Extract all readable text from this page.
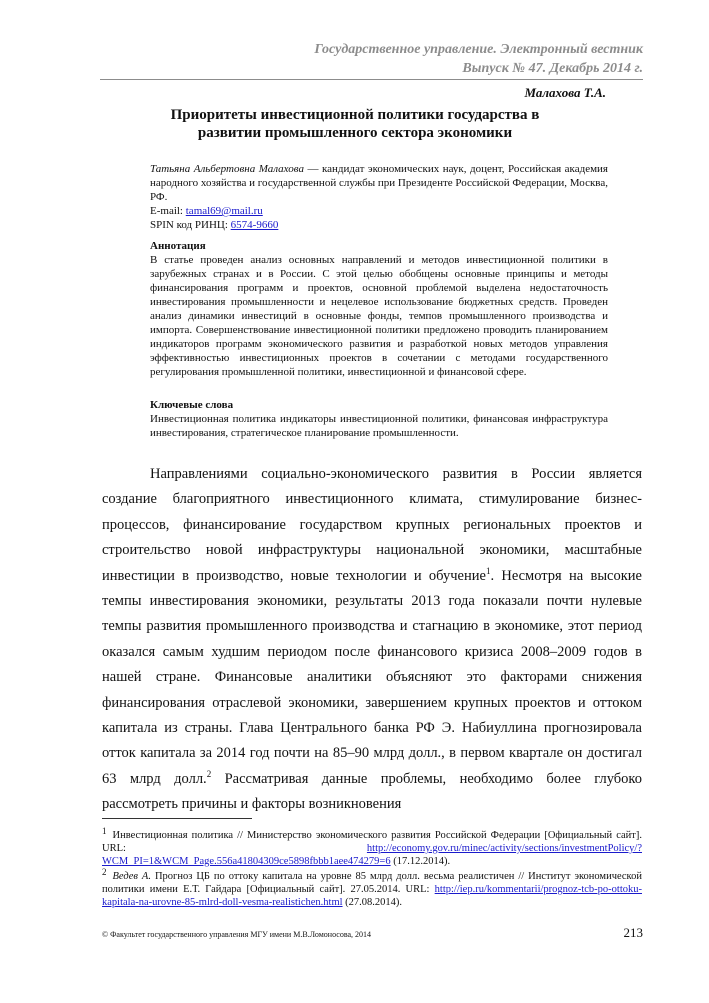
Государственное управление. Электронный вестник
Выпуск № 47. Декабрь 2014 г.
Малахова Т.А.
Приоритеты инвестиционной политики государства в развитии промышленного сектора экономики
Татьяна Альбертовна Малахова — кандидат экономических наук, доцент, Российская академия народного хозяйства и государственной службы при Президенте Российской Федерации, Москва, РФ.
E-mail: tamal69@mail.ru
SPIN код РИНЦ: 6574-9660
Аннотация
В статье проведен анализ основных направлений и методов инвестиционной политики в зарубежных странах и в России. С этой целью обобщены основные принципы и методы финансирования программ и проектов, основной проблемой выделена недостаточность инвестирования промышленности и нецелевое использование бюджетных средств. Проведен анализ динамики инвестиций в основные фонды, темпов промышленного производства и импорта. Совершенствование инвестиционной политики предложено проводить планированием индикаторов программ экономического развития и разработкой новых методов управления эффективностью инвестиционных проектов в сочетании с методами государственного регулирования промышленной политики, инвестиционной и финансовой сфере.
Ключевые слова
Инвестиционная политика индикаторы инвестиционной политики, финансовая инфраструктура инвестирования, стратегическое планирование промышленности.

Направлениями социально-экономического развития в России является создание благоприятного инвестиционного климата, стимулирование бизнес-процессов, финансирование государством крупных региональных проектов и строительство новой инфраструктуры национальной экономики, масштабные инвестиции в производство, новые технологии и обучение$^1$. Несмотря на высокие темпы инвестирования экономики, результаты 2013 года показали почти нулевые темпы развития промышленного производства и стагнацию в экономике, этот период оказался самым худшим периодом после финансового кризиса 2008–2009 годов в нашей стране. Финансовые аналитики объясняют это факторами снижения финансирования отраслевой экономики, завершением крупных проектов и оттоком капитала из страны. Глава Центрального банка РФ Э. Набиуллина прогнозировала отток капитала за 2014 год почти на 85–90 млрд долл., в первом квартале он достигал 63 млрд долл.$^2$ Рассматривая данные проблемы, необходимо более глубоко рассмотреть причины и факторы возникновения

1 Инвестиционная политика // Министерство экономического развития Российской Федерации [Официальный сайт]. URL: http://economy.gov.ru/minec/activity/sections/investmentPolicy/?WCM_PI=1&WCM_Page.556a41804309ce5898fbbb1aee474279=6 (17.12.2014).

2 Ведев А. Прогноз ЦБ по оттоку капитала на уровне 85 млрд долл. весьма реалистичен // Институт экономической политики имени Е.Т. Гайдара [Официальный сайт]. 27.05.2014. URL: http://iep.ru/kommentarii/prognoz-tcb-po-ottoku-kapitala-na-urovne-85-mlrd-doll-vesma-realistichen.html (27.08.2014).

© Факультет государственного управления МГУ имени М.В.Ломоносова, 2014	213
